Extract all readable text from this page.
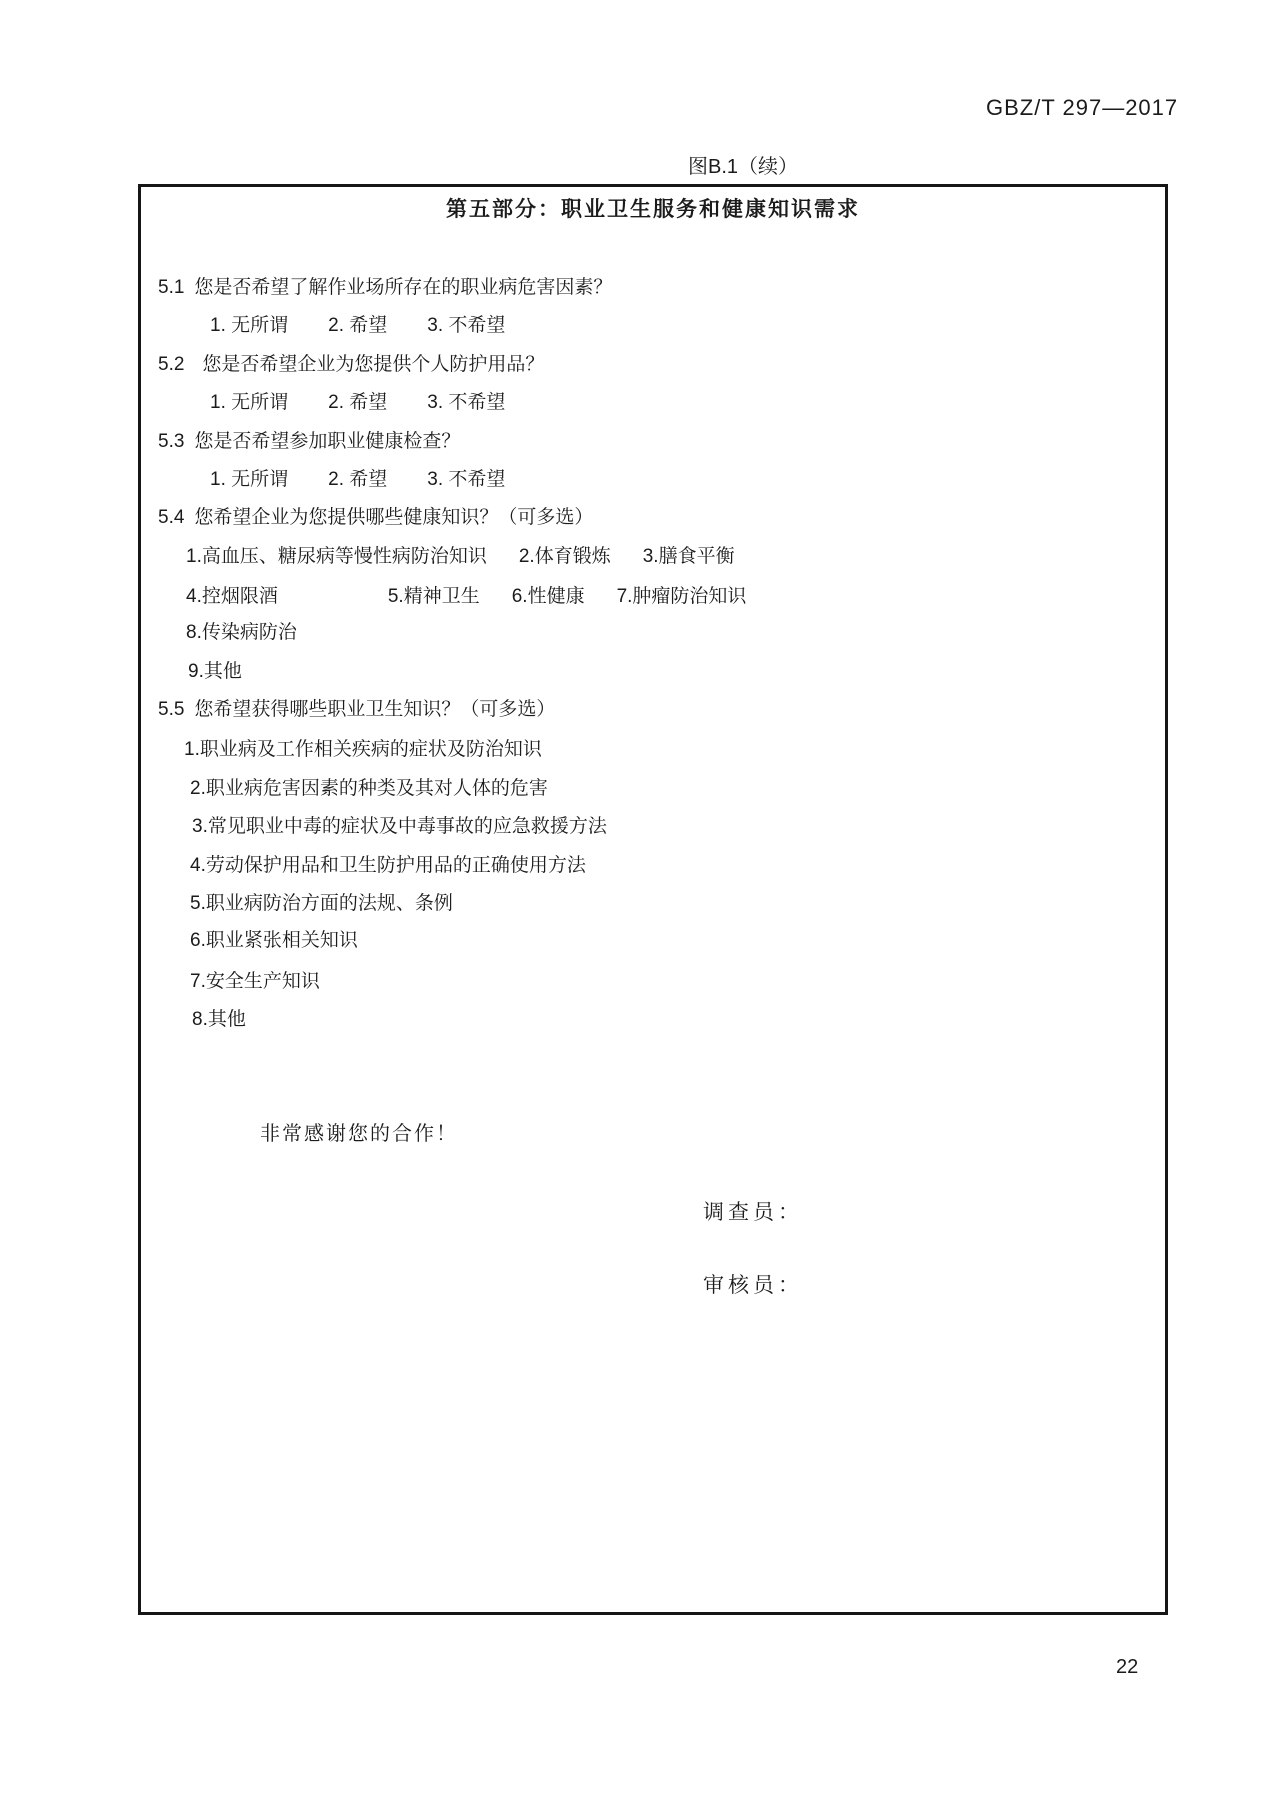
GBZ/T 297—2017
图B.1（续）
第五部分：职业卫生服务和健康知识需求
5.1 您是否希望了解作业场所存在的职业病危害因素？
1. 无所谓 2. 希望 3. 不希望
5.2 您是否希望企业为您提供个人防护用品？
1. 无所谓 2. 希望 3. 不希望
5.3 您是否希望参加职业健康检查？
1. 无所谓 2. 希望 3. 不希望
5.4 您希望企业为您提供哪些健康知识？（可多选）
1.高血压、糖尿病等慢性病防治知识 2.体育锻炼 3.膳食平衡
4.控烟限酒	5.精神卫生 6.性健康 7.肿瘤防治知识
8.传染病防治
9.其他
5.5 您希望获得哪些职业卫生知识？（可多选）
1.职业病及工作相关疾病的症状及防治知识
2.职业病危害因素的种类及其对人体的危害
3.常见职业中毒的症状及中毒事故的应急救援方法
4.劳动保护用品和卫生防护用品的正确使用方法
5.职业病防治方面的法规、条例
6.职业紧张相关知识
7.安全生产知识
8.其他
非常感谢您的合作！
调查员：
审核员：
22
